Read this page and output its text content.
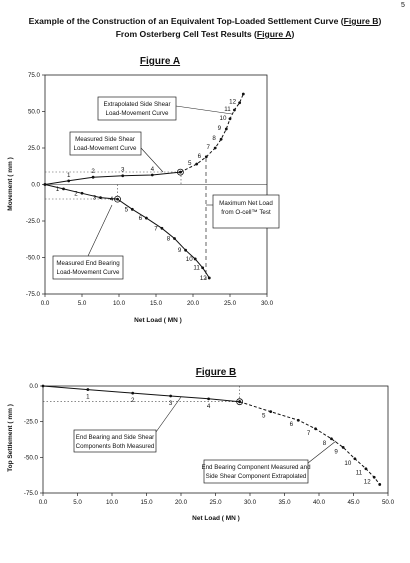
5
Example of the Construction of an Equivalent Top-Loaded Settlement Curve (Figure B)
From Osterberg Cell Test Results (Figure A)
Figure A
75.0
50.0
25.0
0.0
-25.0
-50.0
-75.0
0.0	5.0	10.0	15.0	20.0	25.0	30.0
1
2	3	4
5
6
7
8
9
10
11
12
1
2
3 4
5
6
7
8
9
10
11
12
Extrapolated Side Shear
Load-Movement Curve
Measured Side Shear
Load-Movement Curve
Maximum Net Load
from O-cell™ Test
Measured End Bearing
Load-Movement Curve
Movement ( mm )
Net Load ( MN )
Figure B
0.0
-25.0
-50.0
-75.0
0.0	5.0	10.0	15.0	20.0	25.0	30.0	35.0	40.0	45.0	50.0
1
2	3	4
5
6
7
8
9
10
11
12
End Bearing and Side Shear
Components Both Measured
End Bearing Component Measured and
Side Shear Component Extrapolated
Top Settlement ( mm )
Net Load ( MN )
